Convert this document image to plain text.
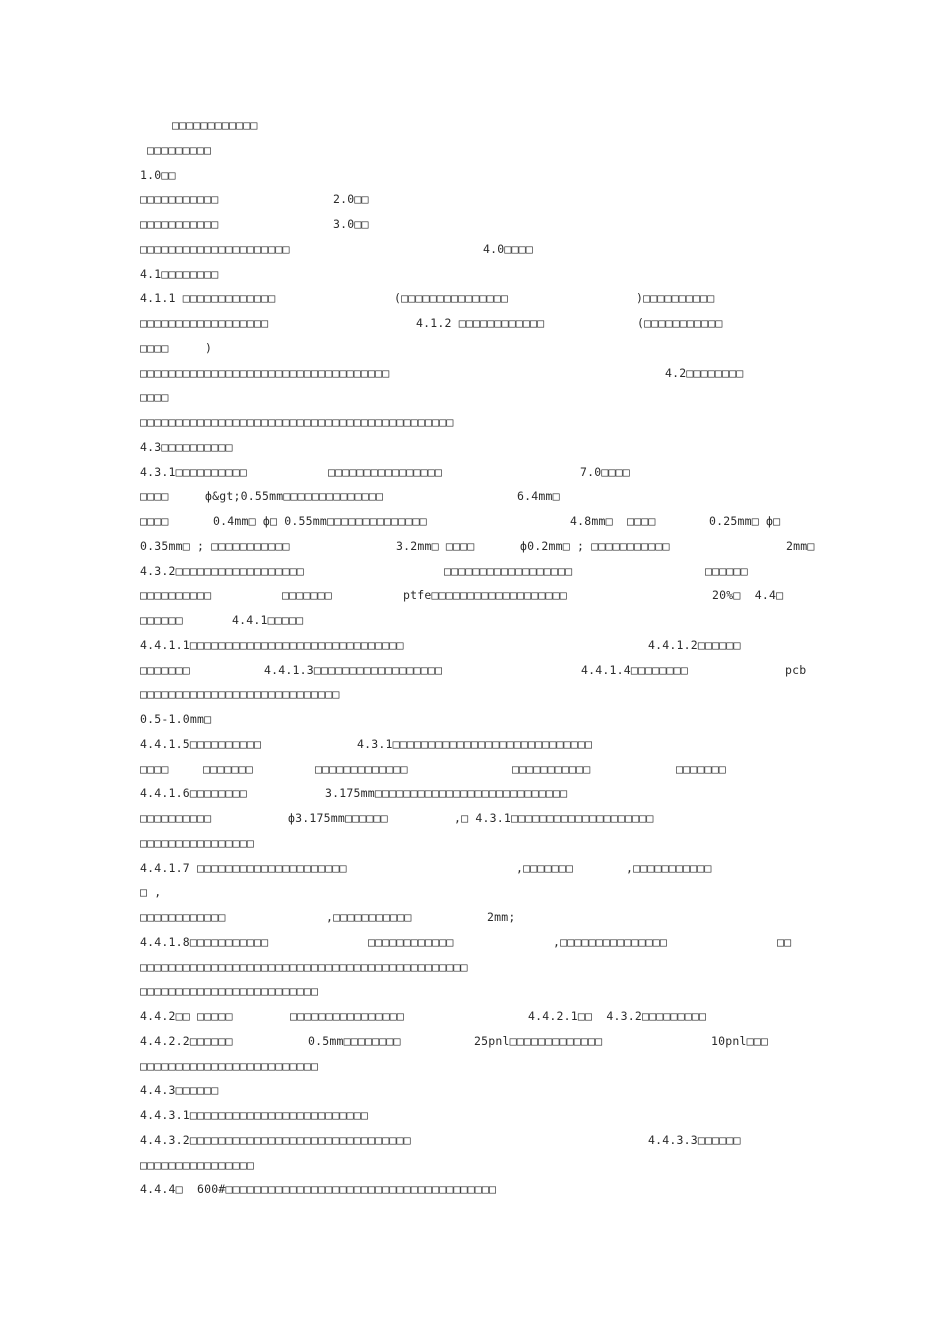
□□□□□□□□□□□□
□□□□□□□□□
1.0□□
□□□□□□□□□□□	2.0□□
□□□□□□□□□□□	3.0□□
□□□□□□□□□□□□□□□□□□□□□	4.0□□□□
4.1□□□□□□□□
4.1.1 □□□□□□□□□□□□□	(□□□□□□□□□□□□□□□	)□□□□□□□□□□
□□□□□□□□□□□□□□□□□□	4.1.2 □□□□□□□□□□□□	(□□□□□□□□□□□
□□□□	)
□□□□□□□□□□□□□□□□□□□□□□□□□□□□□□□□□□□	4.2□□□□□□□□
□□□□
□□□□□□□□□□□□□□□□□□□□□□□□□□□□□□□□□□□□□□□□□□□□
4.3□□□□□□□□□□
4.3.1□□□□□□□□□□	□□□□□□□□□□□□□□□□	7.0□□□□
□□□□	ф&gt;0.55mm□□□□□□□□□□□□□□	6.4mm□
□□□□	0.4mm□ ф□ 0.55mm□□□□□□□□□□□□□□	4.8mm□  □□□□	0.25mm□ ф□
0.35mm□ ; □□□□□□□□□□□	3.2mm□ □□□□	ф0.2mm□ ; □□□□□□□□□□□	2mm□
4.3.2□□□□□□□□□□□□□□□□□□	□□□□□□□□□□□□□□□□□□	□□□□□□
□□□□□□□□□□	□□□□□□□	ptfe□□□□□□□□□□□□□□□□□□□	20%□  4.4□
□□□□□□	4.4.1□□□□□
4.4.1.1□□□□□□□□□□□□□□□□□□□□□□□□□□□□□□	4.4.1.2□□□□□□
□□□□□□□	4.4.1.3□□□□□□□□□□□□□□□□□□	4.4.1.4□□□□□□□□	pcb
□□□□□□□□□□□□□□□□□□□□□□□□□□□□
0.5-1.0mm□
4.4.1.5□□□□□□□□□□	4.3.1□□□□□□□□□□□□□□□□□□□□□□□□□□□□
□□□□	□□□□□□□	□□□□□□□□□□□□□	□□□□□□□□□□□	□□□□□□□
4.4.1.6□□□□□□□□	3.175mm□□□□□□□□□□□□□□□□□□□□□□□□□□□
□□□□□□□□□□	ф3.175mm□□□□□□	,□ 4.3.1□□□□□□□□□□□□□□□□□□□□
□□□□□□□□□□□□□□□□
4.4.1.7 □□□□□□□□□□□□□□□□□□□□□	,□□□□□□□	,□□□□□□□□□□□
□ ,
□□□□□□□□□□□□	,□□□□□□□□□□□	2mm;
4.4.1.8□□□□□□□□□□□	□□□□□□□□□□□□	,□□□□□□□□□□□□□□□	□□
□□□□□□□□□□□□□□□□□□□□□□□□□□□□□□□□□□□□□□□□□□□□□□
□□□□□□□□□□□□□□□□□□□□□□□□□
4.4.2□□ □□□□□	□□□□□□□□□□□□□□□□	4.4.2.1□□  4.3.2□□□□□□□□□
4.4.2.2□□□□□□	0.5mm□□□□□□□□	25pnl□□□□□□□□□□□□□	10pnl□□□
□□□□□□□□□□□□□□□□□□□□□□□□□
4.4.3□□□□□□
4.4.3.1□□□□□□□□□□□□□□□□□□□□□□□□□
4.4.3.2□□□□□□□□□□□□□□□□□□□□□□□□□□□□□□□	4.4.3.3□□□□□□
□□□□□□□□□□□□□□□□
4.4.4□  600#□□□□□□□□□□□□□□□□□□□□□□□□□□□□□□□□□□□□□□
